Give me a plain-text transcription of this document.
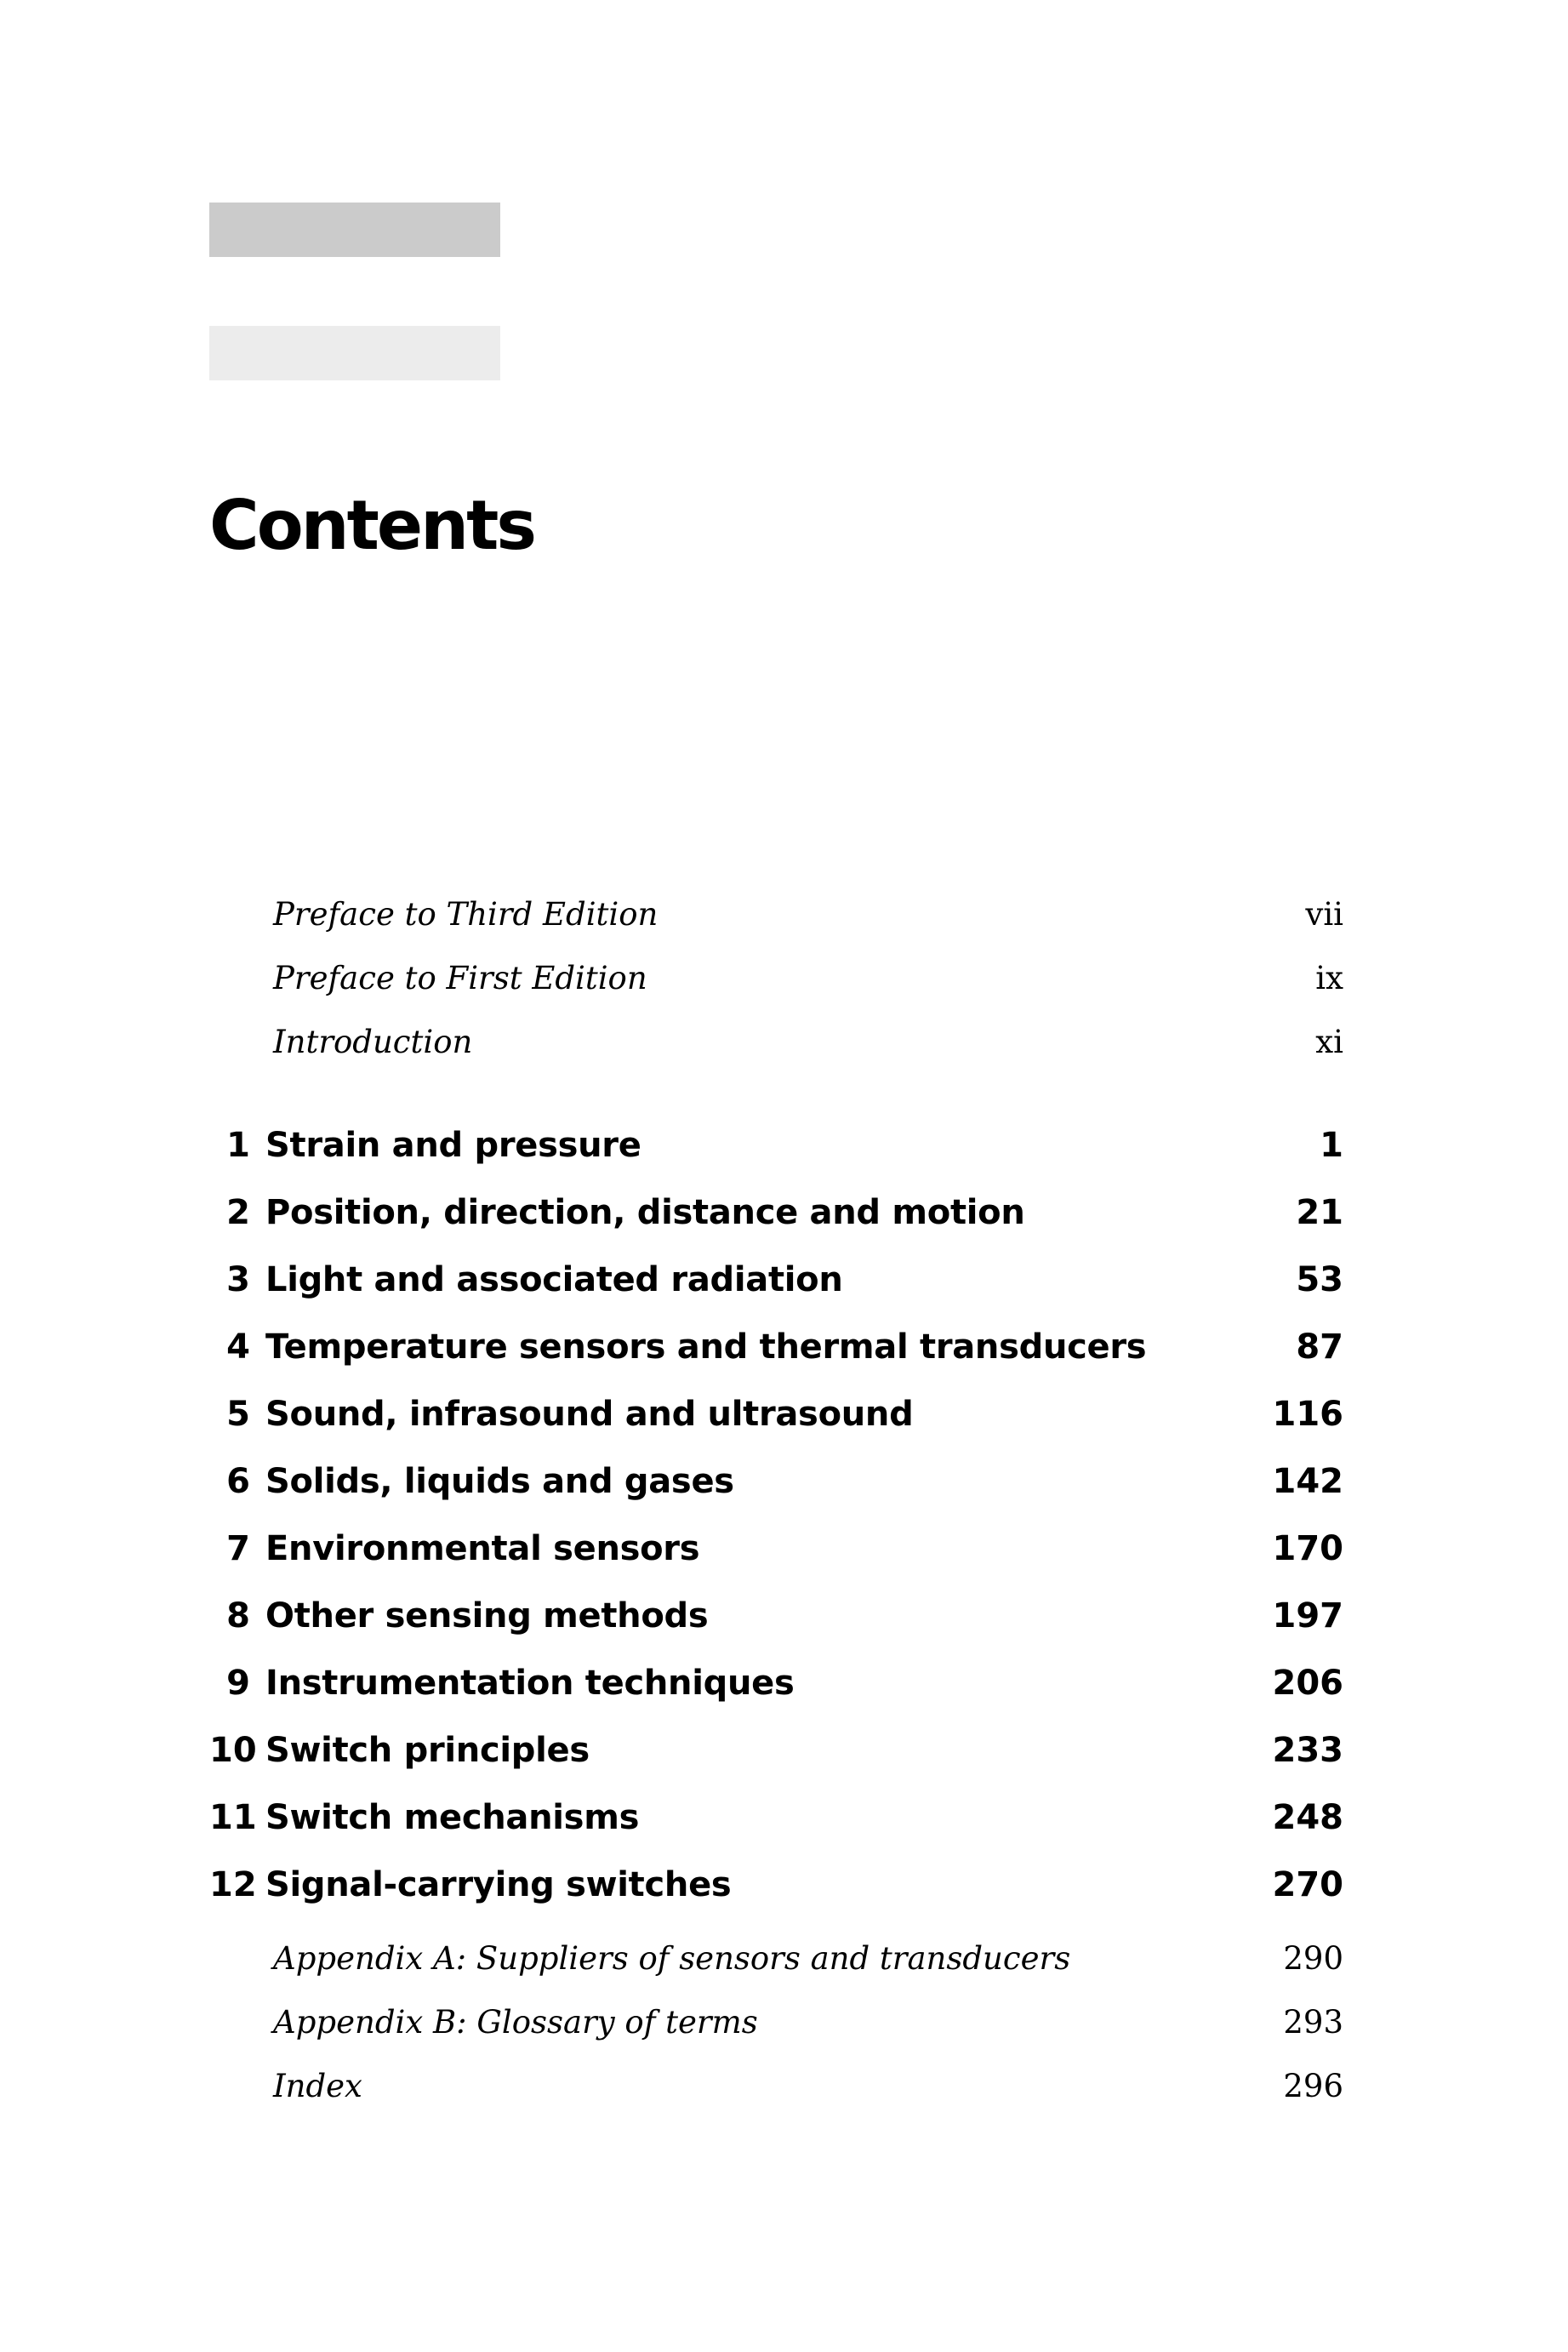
Contents
Preface to Third Edition	vii
Preface to First Edition	ix
Introduction	xi
1 Strain and pressure	1
2 Position, direction, distance and motion	21
3 Light and associated radiation	53
4 Temperature sensors and thermal transducers	87
5 Sound, infrasound and ultrasound	116
6 Solids, liquids and gases	142
7 Environmental sensors	170
8 Other sensing methods	197
9 Instrumentation techniques	206
10 Switch principles	233
11 Switch mechanisms	248
12 Signal-carrying switches	270
Appendix A: Suppliers of sensors and transducers	290
Appendix B: Glossary of terms	293
Index	296
